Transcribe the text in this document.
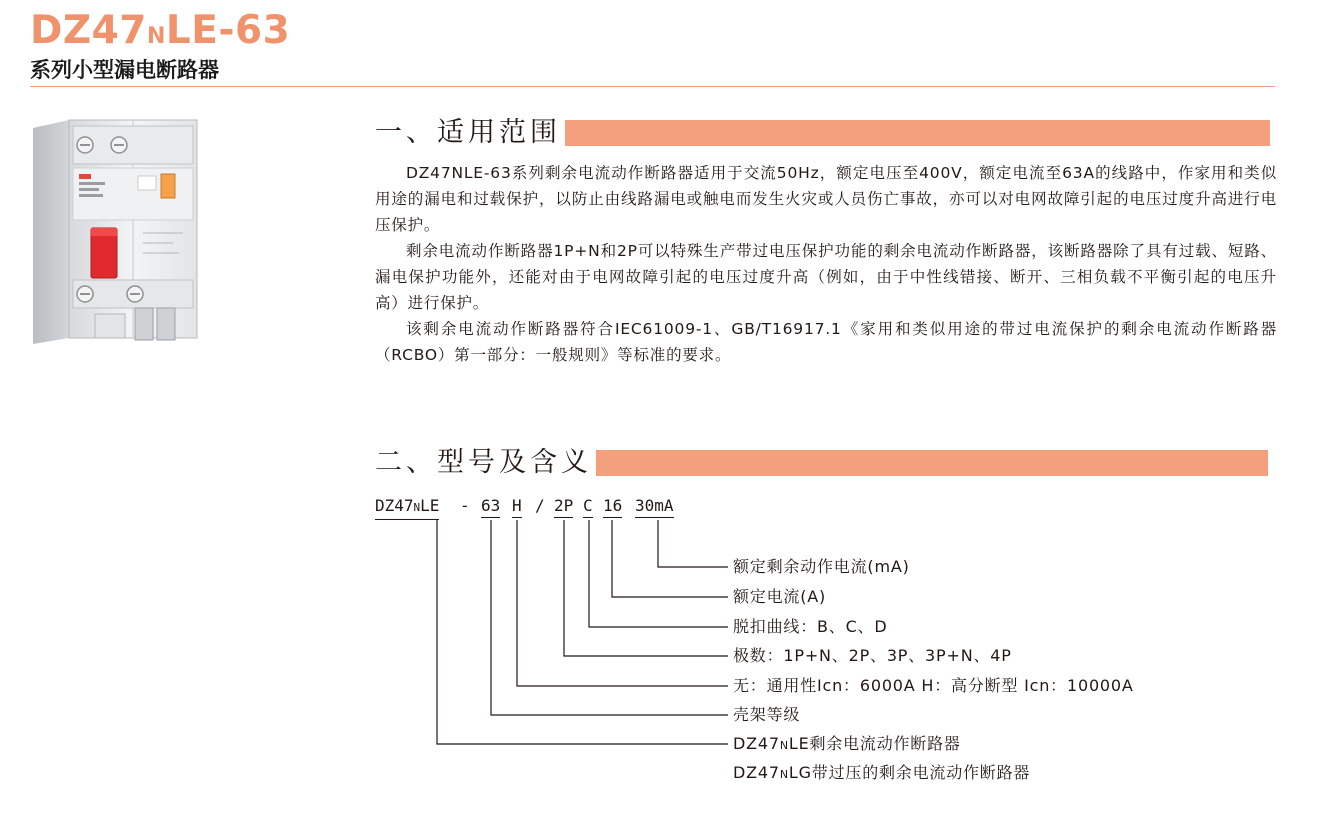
DZ47NLE-63
系列小型漏电断路器
一、适用范围

DZ47NLE-63系列剩余电流动作断路器适用于交流50Hz，额定电压至400V，额定电流至63A的线路中，作家用和类似用途的漏电和过载保护，以防止由线路漏电或触电而发生火灾或人员伤亡事故，亦可以对电网故障引起的电压过度升高进行电压保护。

剩余电流动作断路器1P+N和2P可以特殊生产带过电压保护功能的剩余电流动作断路器，该断路器除了具有过载、短路、漏电保护功能外，还能对由于电网故障引起的电压过度升高（例如，由于中性线错接、断开、三相负载不平衡引起的电压升高）进行保护。

该剩余电流动作断路器符合IEC61009-1、GB/T16917.1《家用和类似用途的带过电流保护的剩余电流动作断路器（RCBO）第一部分：一般规则》等标准的要求。

二、型号及含义
DZ47NLE - 63 H / 2P C 16 30mA
额定剩余动作电流(mA)
额定电流(A)
脱扣曲线：B、C、D
极数：1P+N、2P、3P、3P+N、4P
无：通用性Icn：6000A H：高分断型 Icn：10000A
壳架等级
DZ47NLE剩余电流动作断路器
DZ47NLG带过压的剩余电流动作断路器
